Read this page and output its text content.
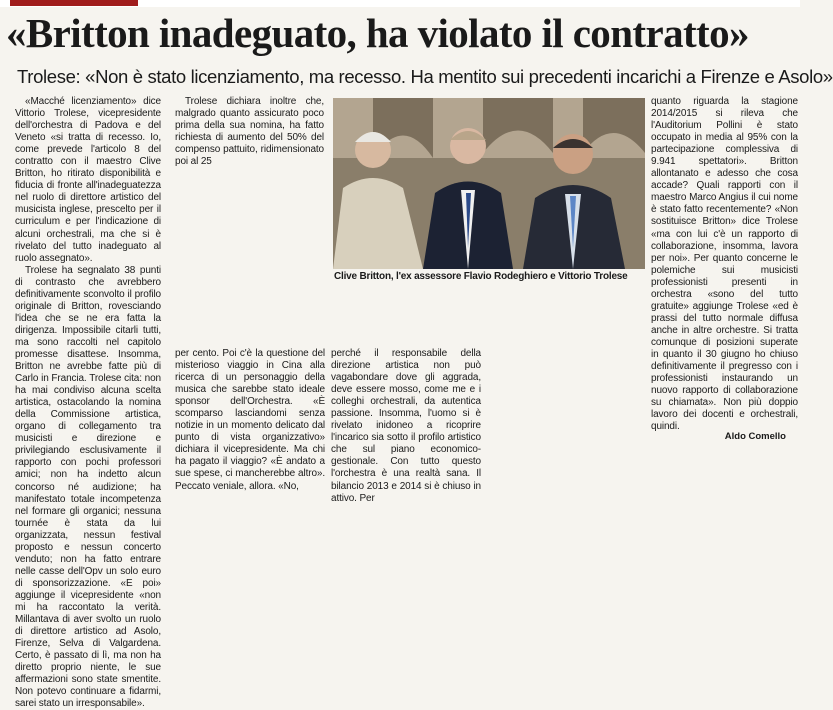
«Britton inadeguato, ha violato il contratto»
Trolese: «Non è stato licenziamento, ma recesso. Ha mentito sui precedenti incarichi a Firenze e Asolo»

«Macché licenziamento» dice Vittorio Trolese, vicepresidente dell'orchestra di Padova e del Veneto «si tratta di recesso. Io, come prevede l'articolo 8 del contratto con il maestro Clive Britton, ho ritirato disponibilità e fiducia di fronte all'inadeguatezza nel ruolo di direttore artistico del musicista inglese, prescelto per il curriculum e per l'indicazione di alcuni orchestrali, ma che si è rivelato del tutto inadeguato al ruolo assegnato».

Trolese ha segnalato 38 punti di contrasto che avrebbero definitivamente sconvolto il profilo originale di Britton, rovesciando l'idea che se ne era fatta la dirigenza. Impossibile citarli tutti, ma sono raccolti nel capitolo promesse disattese. Insomma, Britton ne avrebbe fatte più di Carlo in Francia. Trolese cita: non ha mai condiviso alcuna scelta artistica, ostacolando la nomina della Commissione artistica, organo di collegamento tra musicisti e direzione e privilegiando esclusivamente il rapporto con pochi professori amici; non ha indetto alcun concorso né audizione; ha manifestato totale incompetenza nel formare gli organici; nessuna tournée è stata da lui organizzata, nessun festival proposto e nessun concerto venduto; non ha fatto entrare nelle casse dell'Opv un solo euro di sponsorizzazione. «E poi» aggiunge il vicepresidente «non mi ha raccontato la verità. Millantava di aver svolto un ruolo di direttore artistico ad Asolo, Firenze, Selva di Valgardena. Certo, è passato di lì, ma non ha diretto proprio niente, le sue affermazioni sono state smentite. Non potevo continuare a fidarmi, sarei stato un irresponsabile».

Trolese dichiara inoltre che, malgrado quanto assicurato poco prima della sua nomina, ha fatto richiesta di aumento del 50% del compenso pattuito, ridimensionato poi al 25

Clive Britton, l'ex assessore Flavio Rodeghiero e Vittorio Trolese

per cento. Poi c'è la questione del misterioso viaggio in Cina alla ricerca di un personaggio della musica che sarebbe stato ideale sponsor dell'Orchestra. «È scomparso lasciandomi senza notizie in un momento delicato dal punto di vista organizzativo» dichiara il vicepresidente. Ma chi ha pagato il viaggio? «È andato a sue spese, ci mancherebbe altro». Peccato veniale, allora. «No,

perché il responsabile della direzione artistica non può vagabondare dove gli aggrada, deve essere mosso, come me e i colleghi orchestrali, da autentica passione. Insomma, l'uomo si è rivelato inidoneo a ricoprire l'incarico sia sotto il profilo artistico che sul piano economico-gestionale. Con tutto questo l'orchestra è una realtà sana. Il bilancio 2013 e 2014 si è chiuso in attivo. Per

quanto riguarda la stagione 2014/2015 si rileva che l'Auditorium Pollini è stato occupato in media al 95% con la partecipazione complessiva di 9.941 spettatori». Britton allontanato e adesso che cosa accade? Quali rapporti con il maestro Marco Angius il cui nome è stato fatto recentemente? «Non sostituisce Britton» dice Trolese «ma con lui c'è un rapporto di collaborazione, insomma, lavora per noi». Per quanto concerne le polemiche sui musicisti professionisti presenti in orchestra «sono del tutto gratuite» aggiunge Trolese «ed è prassi del tutto normale diffusa anche in altre orchestre. Si tratta comunque di posizioni superate in quanto il 30 giugno ho chiuso definitivamente il pregresso con i professionisti instaurando un nuovo rapporto di collaborazione su chiamata». Non più doppio lavoro dei docenti e orchestrali, quindi.

Aldo Comello
